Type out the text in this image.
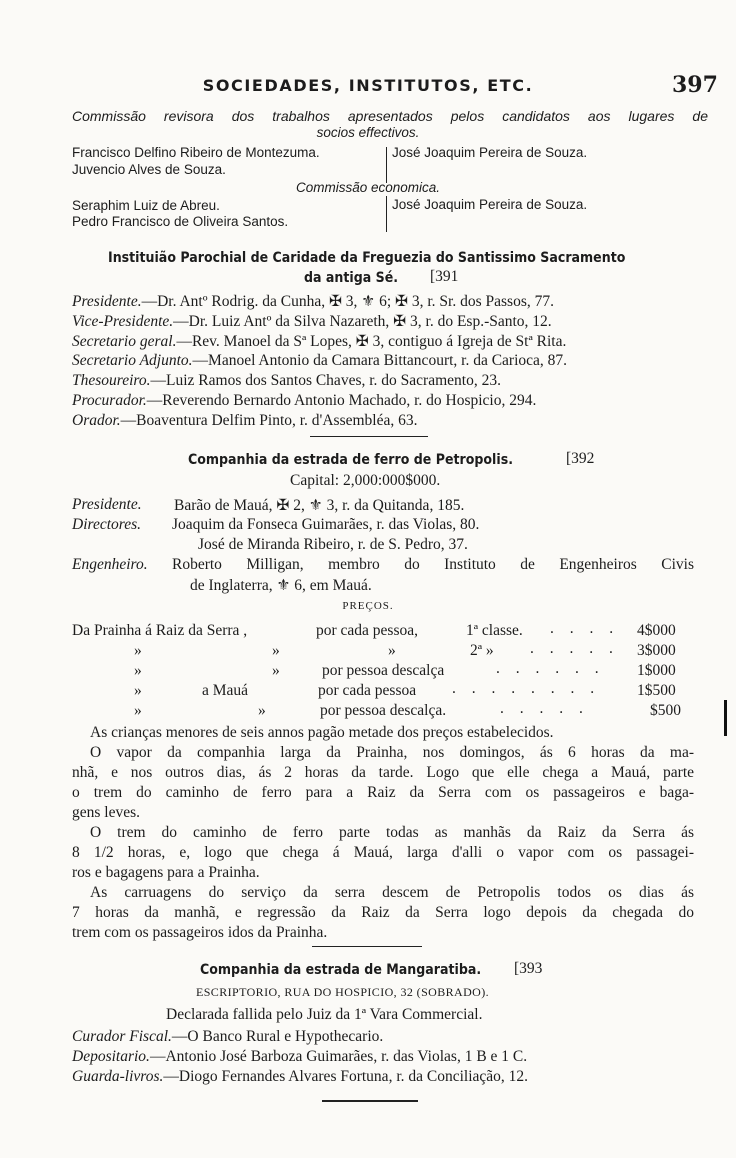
SOCIEDADES, INSTITUTOS, ETC.	397
Commissão revisora dos trabalhos apresentados pelos candidatos aos lugares de
socios effectivos.
Francisco Delfino Ribeiro de Montezuma.
Juvencio Alves de Souza.
José Joaquim Pereira de Souza.
Commissão economica.
Seraphim Luiz de Abreu.
Pedro Francisco de Oliveira Santos.
José Joaquim Pereira de Souza.
Instituião Parochial de Caridade da Freguezia do Santissimo Sacramento
da antiga Sé. [391
Presidente.—Dr. Antº Rodrig. da Cunha, ✠ 3, ⚜ 6; ✠ 3, r. Sr. dos Passos, 77.
Vice-Presidente.—Dr. Luiz Antº da Silva Nazareth, ✠ 3, r. do Esp.-Santo, 12.
Secretario geral.—Rev. Manoel da Sª Lopes, ✠ 3, contiguo á Igreja de Stª Rita.
Secretario Adjunto.—Manoel Antonio da Camara Bittancourt, r. da Carioca, 87.
Thesoureiro.—Luiz Ramos dos Santos Chaves, r. do Sacramento, 23.
Procurador.—Reverendo Bernardo Antonio Machado, r. do Hospicio, 294.
Orador.—Boaventura Delfim Pinto, r. d'Assembléa, 63.
Companhia da estrada de ferro de Petropolis.	[392
Capital: 2,000:000$000.
Presidente. Barão de Mauá, ✠ 2, ⚜ 3, r. da Quitanda, 185.
Directores. Joaquim da Fonseca Guimarães, r. das Violas, 80.
José de Miranda Ribeiro, r. de S. Pedro, 37.
Engenheiro. Roberto Milligan, membro do Instituto de Engenheiros Civis
de Inglaterra, ⚜ 6, em Mauá.
PREÇOS.
Da Prainha á Raiz da Serra ,	por cada pessoa,	1ª classe. . . . . 4$000
»	»	»	2ª » . . . . . 3$000
»	»	por pessoa descalça	. . . . . . 1$000
»	a Mauá	por cada pessoa . . . . . . . . 1$500
»	»	por pessoa descalça.	. . . . .	$500
As crianças menores de seis annos pagão metade dos preços estabelecidos.
O vapor da companhia larga da Prainha, nos domingos, ás 6 horas da ma-
nhã, e nos outros dias, ás 2 horas da tarde. Logo que elle chega a Mauá, parte
o trem do caminho de ferro para a Raiz da Serra com os passageiros e baga-
gens leves.
O trem do caminho de ferro parte todas as manhãs da Raiz da Serra ás
8 1/2 horas, e, logo que chega á Mauá, larga d'alli o vapor com os passagei-
ros e bagagens para a Prainha.
As carruagens do serviço da serra descem de Petropolis todos os dias ás
7 horas da manhã, e regressão da Raiz da Serra logo depois da chegada do
trem com os passageiros idos da Prainha.
Companhia da estrada de Mangaratiba. [393
ESCRIPTORIO, RUA DO HOSPICIO, 32 (SOBRADO).
Declarada fallida pelo Juiz da 1ª Vara Commercial.
Curador Fiscal.—O Banco Rural e Hypothecario.
Depositario.—Antonio José Barboza Guimarães, r. das Violas, 1 B e 1 C.
Guarda-livros.—Diogo Fernandes Alvares Fortuna, r. da Conciliação, 12.
